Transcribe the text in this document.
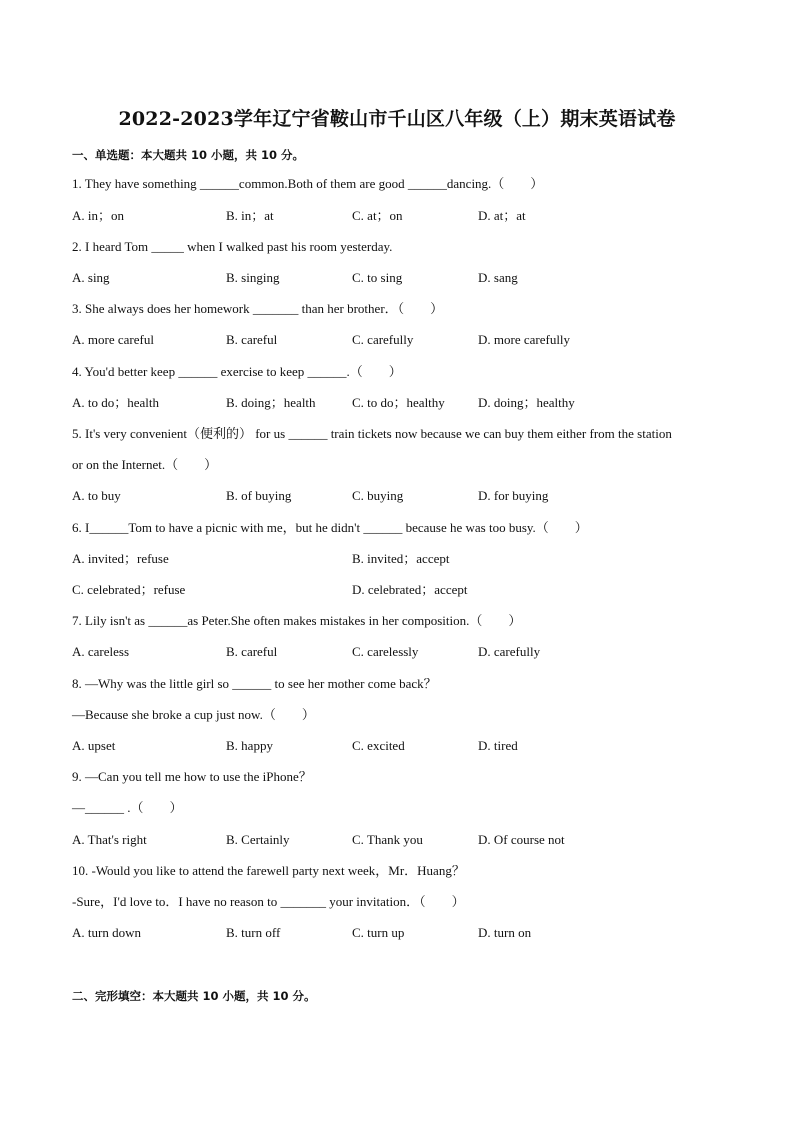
2022-2023学年辽宁省鞍山市千山区八年级（上）期末英语试卷
一、单选题：本大题共 10 小题，共 10 分。
1. They have something ______common.Both of them are good ______dancing.（　　）
A. in；on	B. in；at	C. at；on	D. at；at
2. I heard Tom _____ when I walked past his room yesterday.
A. sing	B. singing	C. to sing	D. sang
3. She always does her homework _______ than her brother．（　　）
A. more careful	B. careful	C. carefully	D. more carefully
4. You'd better keep ______ exercise to keep ______.（　　）
A. to do；health	B. doing；health	C. to do；healthy	D. doing；healthy
5. It's very convenient（便利的） for us ______ train tickets now because we can buy them either from the station
or on the Internet.（　　）
A. to buy	B. of buying	C. buying	D. for buying
6. I______Tom to have a picnic with me，but he didn't ______ because he was too busy.（　　）
A. invited；refuse	B. invited；accept
C. celebrated；refuse	D. celebrated；accept
7. Lily isn't as ______as Peter.She often makes mistakes in her composition.（　　）
A. careless	B. careful	C. carelessly	D. carefully
8. —Why was the little girl so ______ to see her mother come back？
—Because she broke a cup just now.（　　）
A. upset	B. happy	C. excited	D. tired
9. —Can you tell me how to use the iPhone？
—______ .（　　）
A. That's right	B. Certainly	C. Thank you	D. Of course not
10. -Would you like to attend the farewell party next week，Mr．Huang？
-Sure，I'd love to．I have no reason to _______ your invitation．（　　）
A. turn down	B. turn off	C. turn up	D. turn on
二、完形填空：本大题共 10 小题，共 10 分。
